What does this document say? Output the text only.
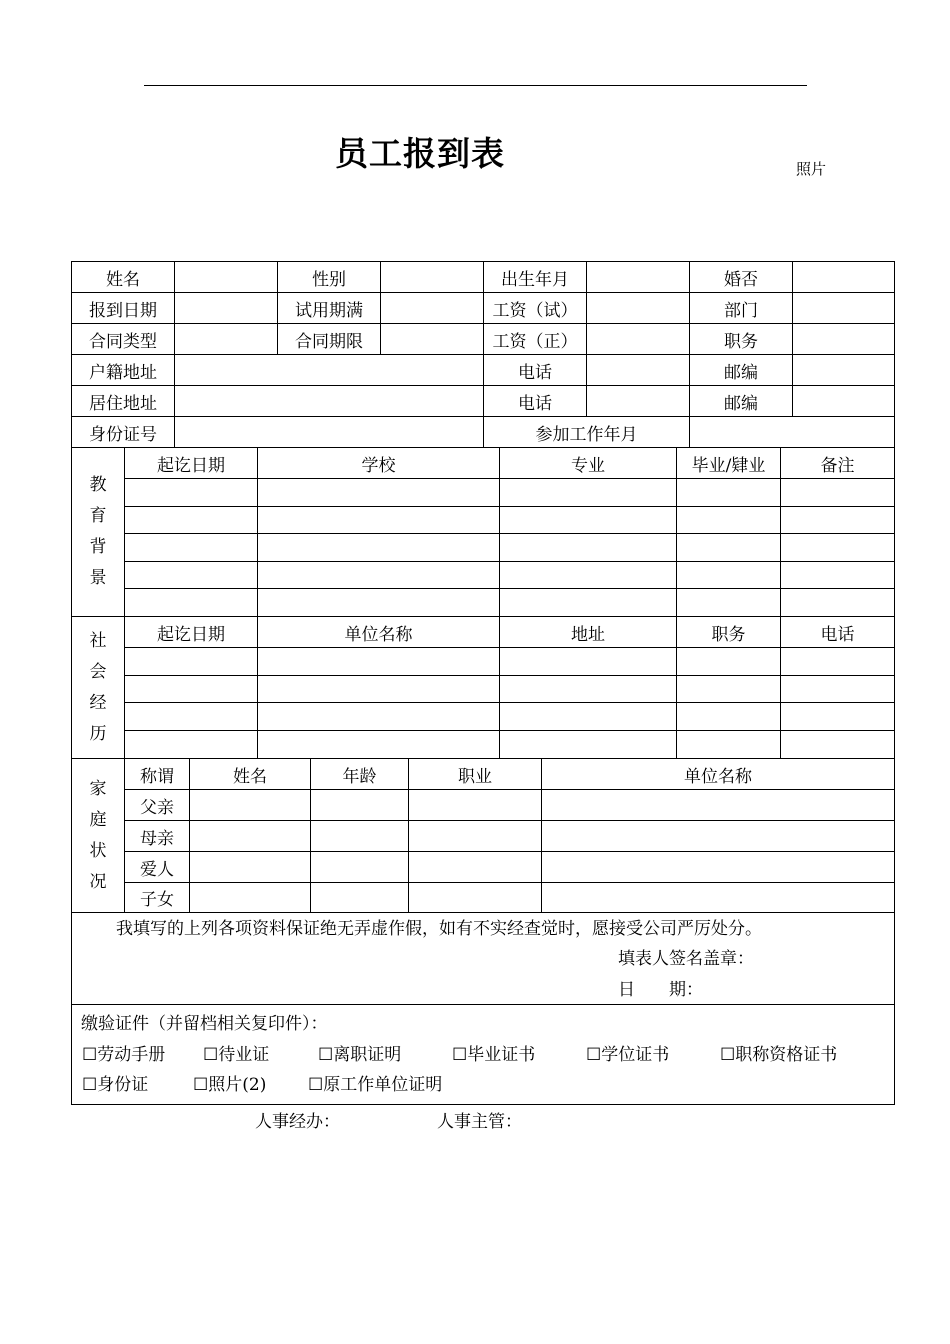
员工报到表	照片
姓名	性别	出生年月	婚否
报到日期	试用期满	工资（试）	部门
合同类型	合同期限	工资（正）	职务
户籍地址	电话	邮编
居住地址	电话	邮编
身份证号	参加工作年月
教
育
背
景
起讫日期	学校	专业	毕业/肄业	备注
社
会
经
历
起讫日期	单位名称	地址	职务	电话
家
庭
状
况
称谓	姓名	年龄	职业	单位名称
父亲
母亲
爱人
子女
我填写的上列各项资料保证绝无弄虚作假，如有不实经查觉时，愿接受公司严厉处分。
填表人签名盖章：
日　　期：
缴验证件（并留档相关复印件）：
☐劳动手册 ☐待业证	☐离职证明	☐毕业证书	☐学位证书	☐职称资格证书
☐身份证	☐照片(2) ☐原工作单位证明
人事经办：	人事主管：
